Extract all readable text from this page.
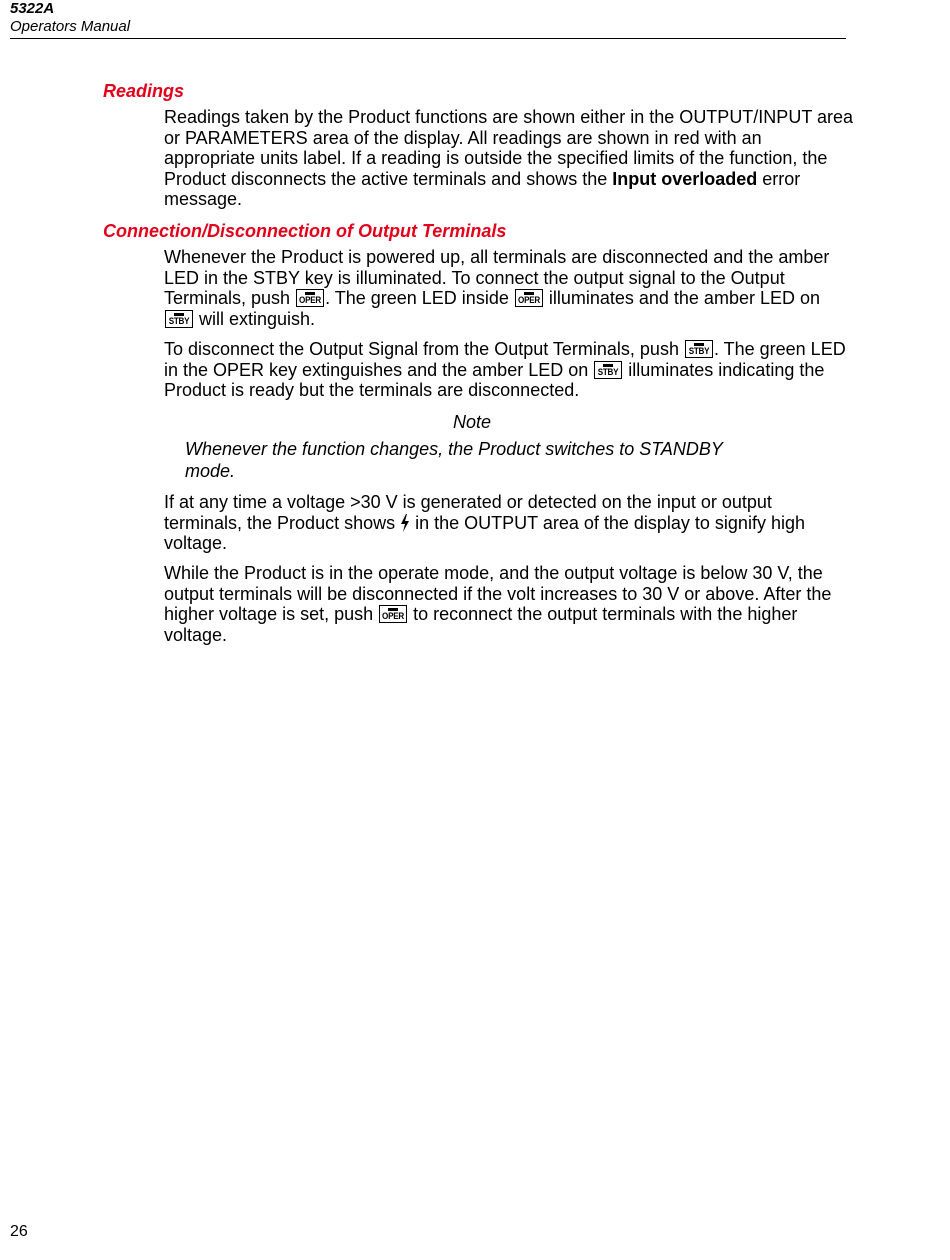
5322A
Operators Manual
Readings

Readings taken by the Product functions are shown either in the OUTPUT/INPUT area or PARAMETERS area of the display. All readings are shown in red with an appropriate units label. If a reading is outside the specified limits of the function, the Product disconnects the active terminals and shows the Input overloaded error message.

Connection/Disconnection of Output Terminals

Whenever the Product is powered up, all terminals are disconnected and the amber LED in the STBY key is illuminated. To connect the output signal to the Output Terminals, push OPER . The green LED inside OPER illuminates and the amber LED on
STBY will extinguish.

To disconnect the Output Signal from the Output Terminals, push STBY . The green LED in the OPER key extinguishes and the amber LED on STBY illuminates indicating the Product is ready but the terminals are disconnected.

Note
Whenever the function changes, the Product switches to STANDBY mode.

If at any time a voltage >30 V is generated or detected on the input or output terminals, the Product shows  in the OUTPUT area of the display to signify high voltage.

While the Product is in the operate mode, and the output voltage is below 30 V, the output terminals will be disconnected if the volt increases to 30 V or above. After the higher voltage is set, push OPER to reconnect the output terminals with the higher voltage.

26
